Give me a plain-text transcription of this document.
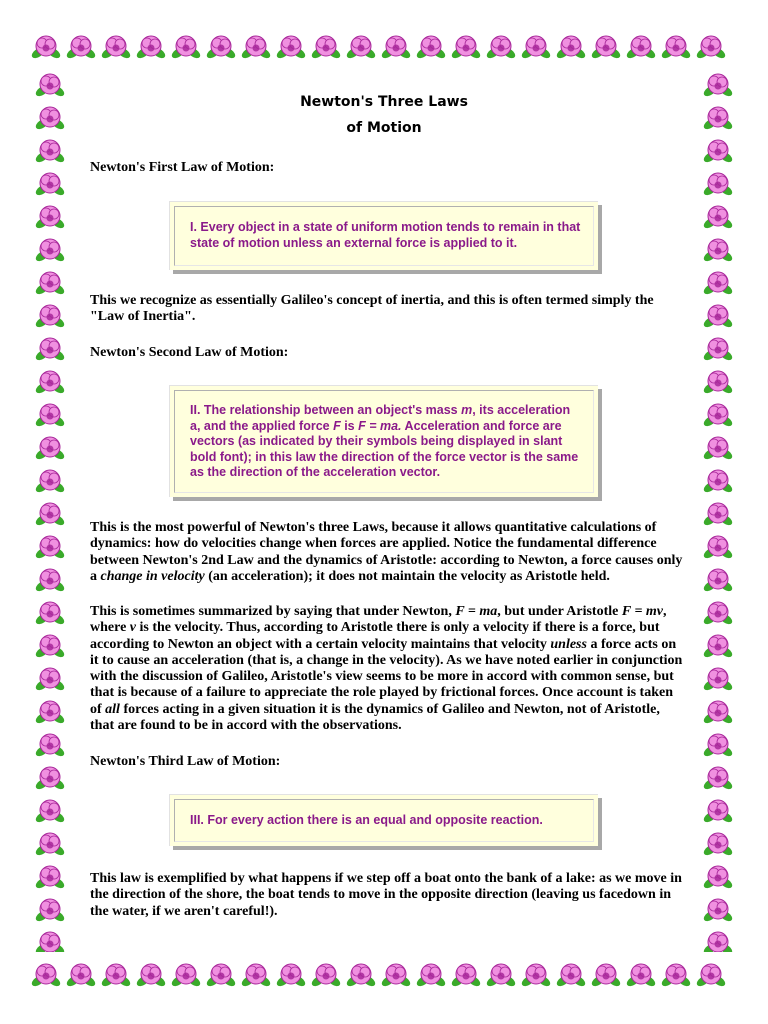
Newton's Three Laws
of Motion

Newton's First Law of Motion:

I. Every object in a state of uniform motion tends to remain in that state of motion unless an external force is applied to it.

This we recognize as essentially Galileo's concept of inertia, and this is often termed simply the "Law of Inertia".

Newton's Second Law of Motion:

II. The relationship between an object's mass m, its acceleration a, and the applied force F is F = ma. Acceleration and force are vectors (as indicated by their symbols being displayed in slant bold font); in this law the direction of the force vector is the same as the direction of the acceleration vector.

This is the most powerful of Newton's three Laws, because it allows quantitative calculations of dynamics: how do velocities change when forces are applied. Notice the fundamental difference between Newton's 2nd Law and the dynamics of Aristotle: according to Newton, a force causes only a change in velocity (an acceleration); it does not maintain the velocity as Aristotle held.

This is sometimes summarized by saying that under Newton, F = ma, but under Aristotle F = mv, where v is the velocity. Thus, according to Aristotle there is only a velocity if there is a force, but according to Newton an object with a certain velocity maintains that velocity unless a force acts on it to cause an acceleration (that is, a change in the velocity). As we have noted earlier in conjunction with the discussion of Galileo, Aristotle's view seems to be more in accord with common sense, but that is because of a failure to appreciate the role played by frictional forces. Once account is taken of all forces acting in a given situation it is the dynamics of Galileo and Newton, not of Aristotle, that are found to be in accord with the observations.

Newton's Third Law of Motion:

III. For every action there is an equal and opposite reaction.

This law is exemplified by what happens if we step off a boat onto the bank of a lake: as we move in the direction of the shore, the boat tends to move in the opposite direction (leaving us facedown in the water, if we aren't careful!).
